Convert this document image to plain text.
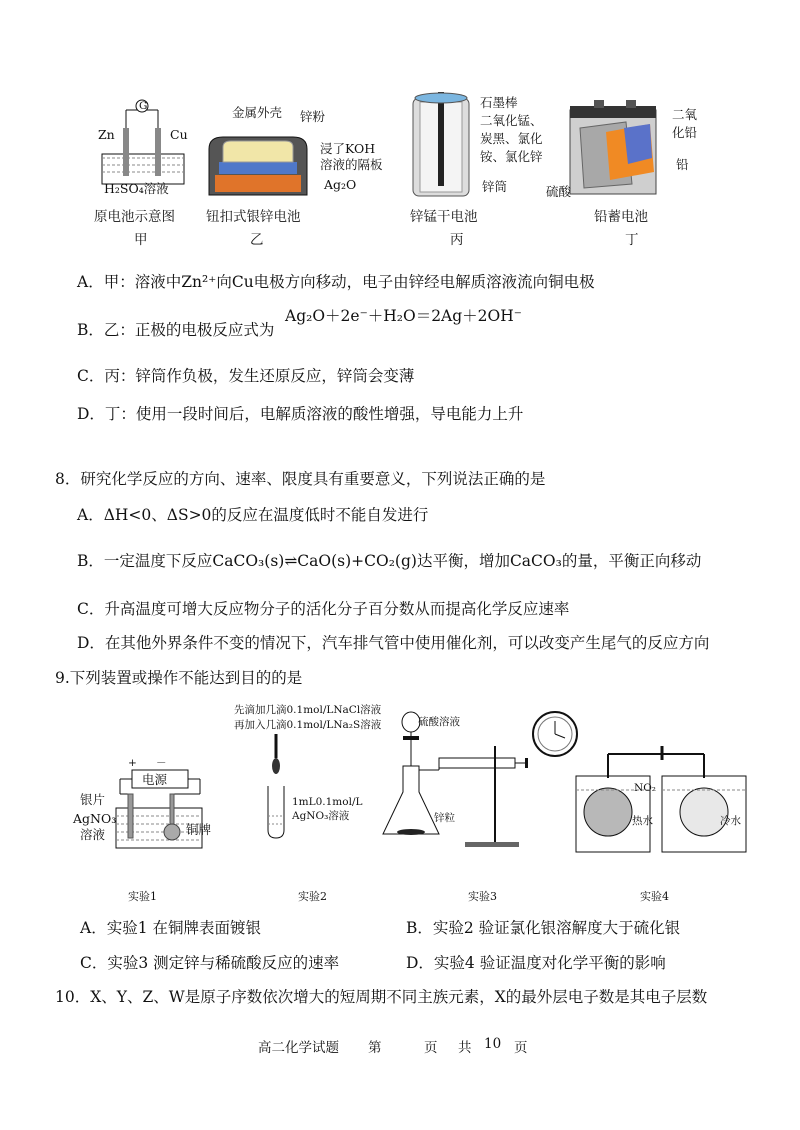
G
Zn	Cu
H₂SO₄溶液
原电池示意图
甲
金属外壳 锌粉
浸了KOH
溶液的隔板
Ag₂O
钮扣式银锌电池
乙
石墨棒
二氧化锰、
炭黑、氯化
铵、氯化锌
锌筒
锌锰干电池
丙
二氧
化铅
铅
硫酸
铅蓄电池
丁
A．甲：溶液中Zn²⁺向Cu电极方向移动，电子由锌经电解质溶液流向铜电极
B．乙：正极的电极反应式为
Ag₂O＋2e⁻＋H₂O＝2Ag＋2OH⁻
C．丙：锌筒作负极，发生还原反应，锌筒会变薄
D．丁：使用一段时间后，电解质溶液的酸性增强，导电能力上升
8．研究化学反应的方向、速率、限度具有重要意义，下列说法正确的是
A．ΔH<0、ΔS>0的反应在温度低时不能自发进行
B．一定温度下反应CaCO₃(s)⇌CaO(s)+CO₂(g)达平衡，增加CaCO₃的量，平衡正向移动
C．升高温度可增大反应物分子的活化分子百分数从而提高化学反应速率
D．在其他外界条件不变的情况下，汽车排气管中使用催化剂，可以改变产生尾气的反应方向
9.下列装置或操作不能达到目的的是
+ －
电源
银片
AgNO₃
溶液	铜牌
实验1
先滴加几滴0.1mol/LNaCl溶液
再加入几滴0.1mol/LNa₂S溶液
1mL0.1mol/L
AgNO₃溶液
实验2
硫酸溶液
锌粒
实验3
NO₂
热水	冷水
实验4
A．实验1 在铜牌表面镀银	B．实验2 验证氯化银溶解度大于硫化银
C．实验3 测定锌与稀硫酸反应的速率	D．实验4 验证温度对化学平衡的影响
10．X、Y、Z、W是原子序数依次增大的短周期不同主族元素，X的最外层电子数是其电子层数
高二化学试题 第	页 共 10 页
